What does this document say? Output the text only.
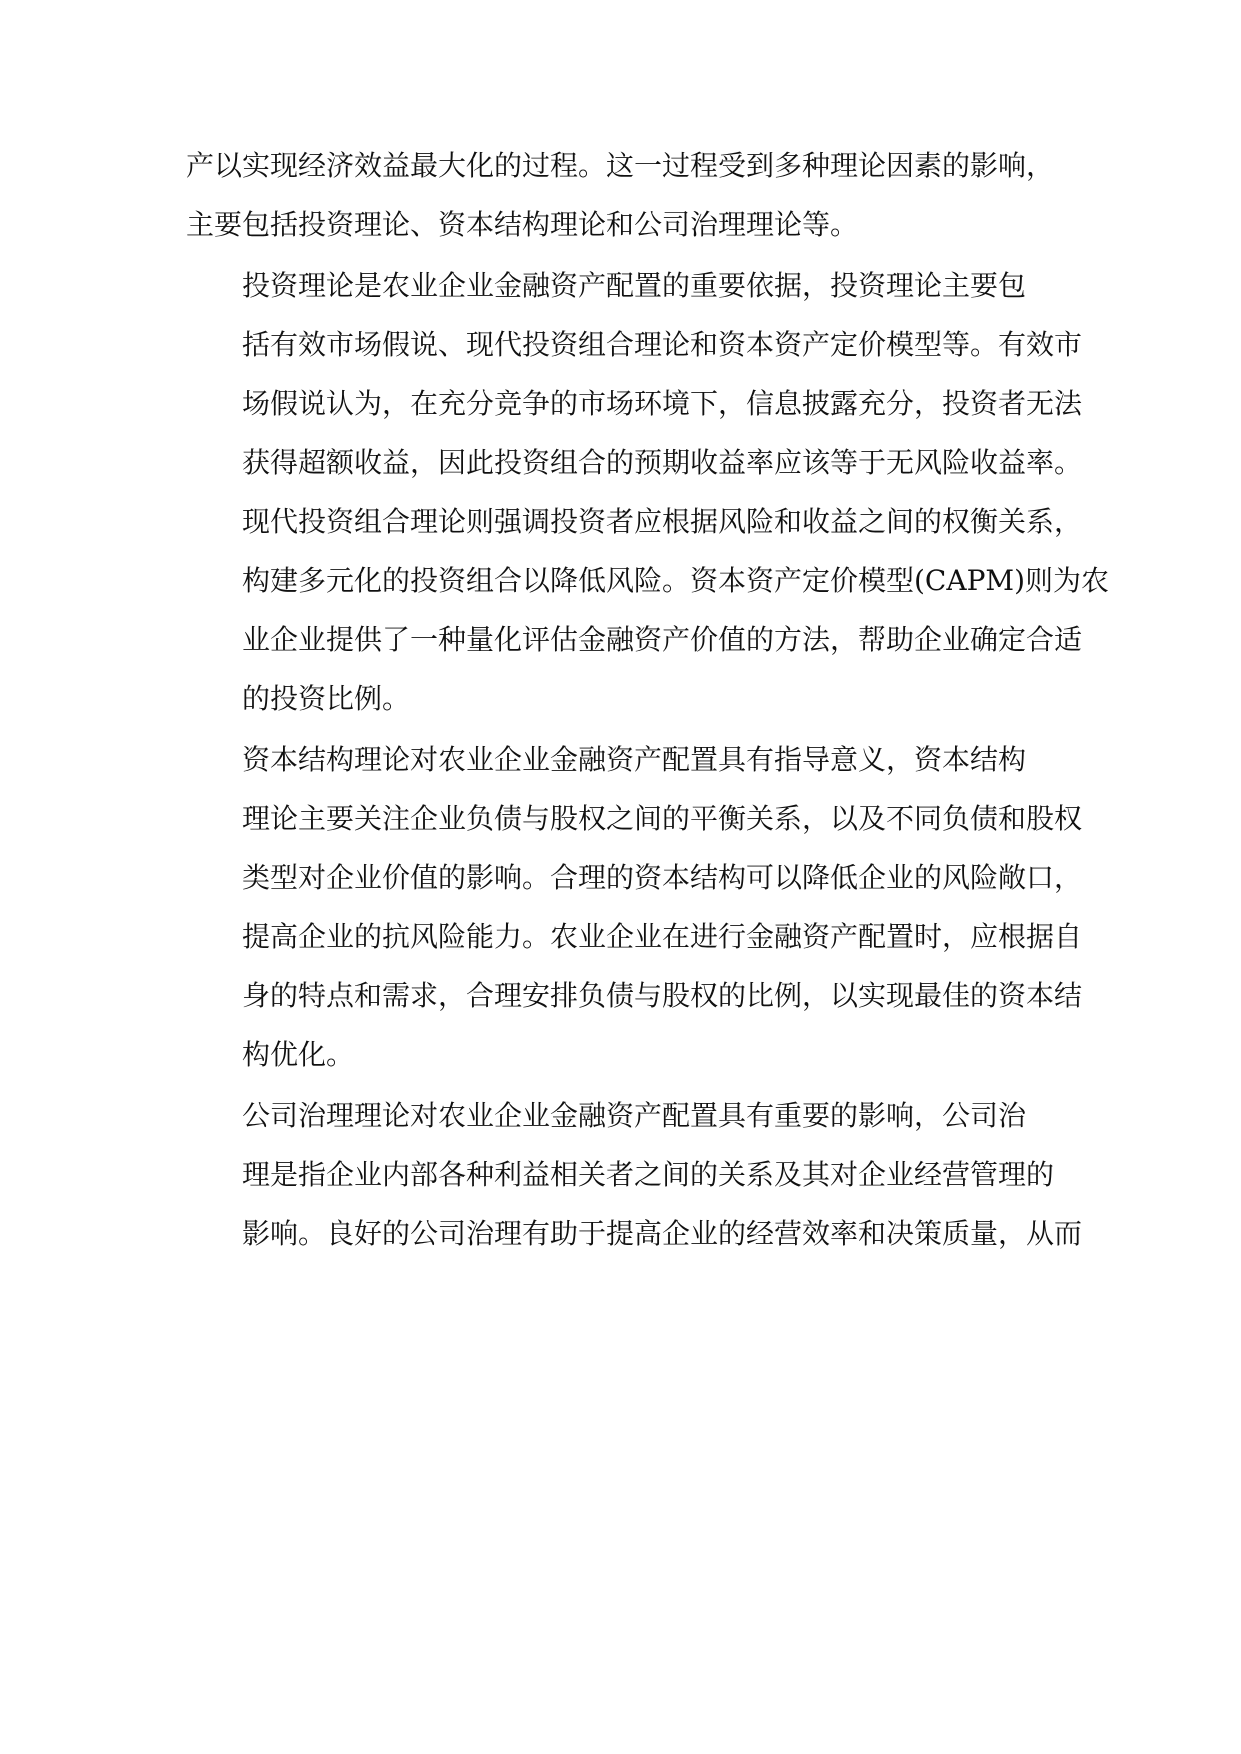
产以实现经济效益最大化的过程。这一过程受到多种理论因素的影响，
主要包括投资理论、资本结构理论和公司治理理论等。

投资理论是农业企业金融资产配置的重要依据，投资理论主要包
括有效市场假说、现代投资组合理论和资本资产定价模型等。有效市
场假说认为，在充分竞争的市场环境下，信息披露充分，投资者无法
获得超额收益，因此投资组合的预期收益率应该等于无风险收益率。
现代投资组合理论则强调投资者应根据风险和收益之间的权衡关系，
构建多元化的投资组合以降低风险。资本资产定价模型(CAPM)则为农
业企业提供了一种量化评估金融资产价值的方法，帮助企业确定合适
的投资比例。

资本结构理论对农业企业金融资产配置具有指导意义，资本结构
理论主要关注企业负债与股权之间的平衡关系，以及不同负债和股权
类型对企业价值的影响。合理的资本结构可以降低企业的风险敞口，
提高企业的抗风险能力。农业企业在进行金融资产配置时，应根据自
身的特点和需求，合理安排负债与股权的比例，以实现最佳的资本结
构优化。

公司治理理论对农业企业金融资产配置具有重要的影响，公司治
理是指企业内部各种利益相关者之间的关系及其对企业经营管理的
影响。良好的公司治理有助于提高企业的经营效率和决策质量，从而
